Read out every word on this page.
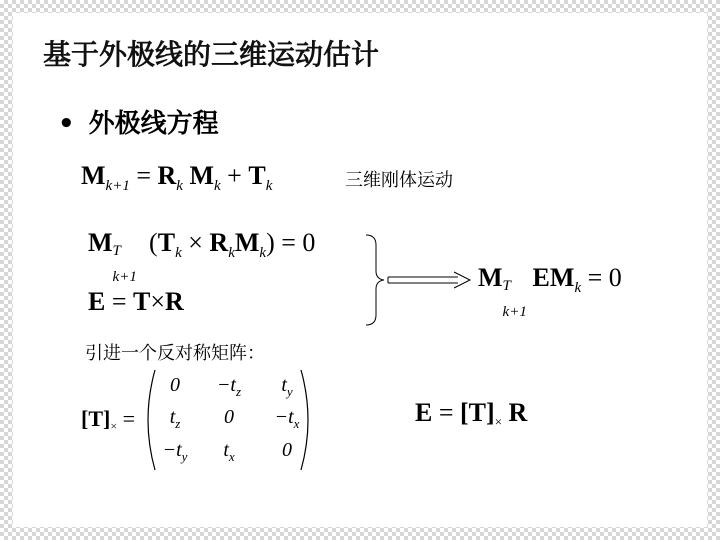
基于外极线的三维运动估计
• 外极线方程
$M_{k+1} = R_k$ $M_k + T_k$	三维刚体运动
M T
k+1
$(T_k \times R_kM_k) = 0$
E = T×R
M T
k+1
$EM_k = 0$
引进一个反对称矩阵：
[T]× =
0	$-t_z$	$t_y$
$t_z$	0	$-t_x$
$-t_y$	$t_x$	0
E = [T]× R
